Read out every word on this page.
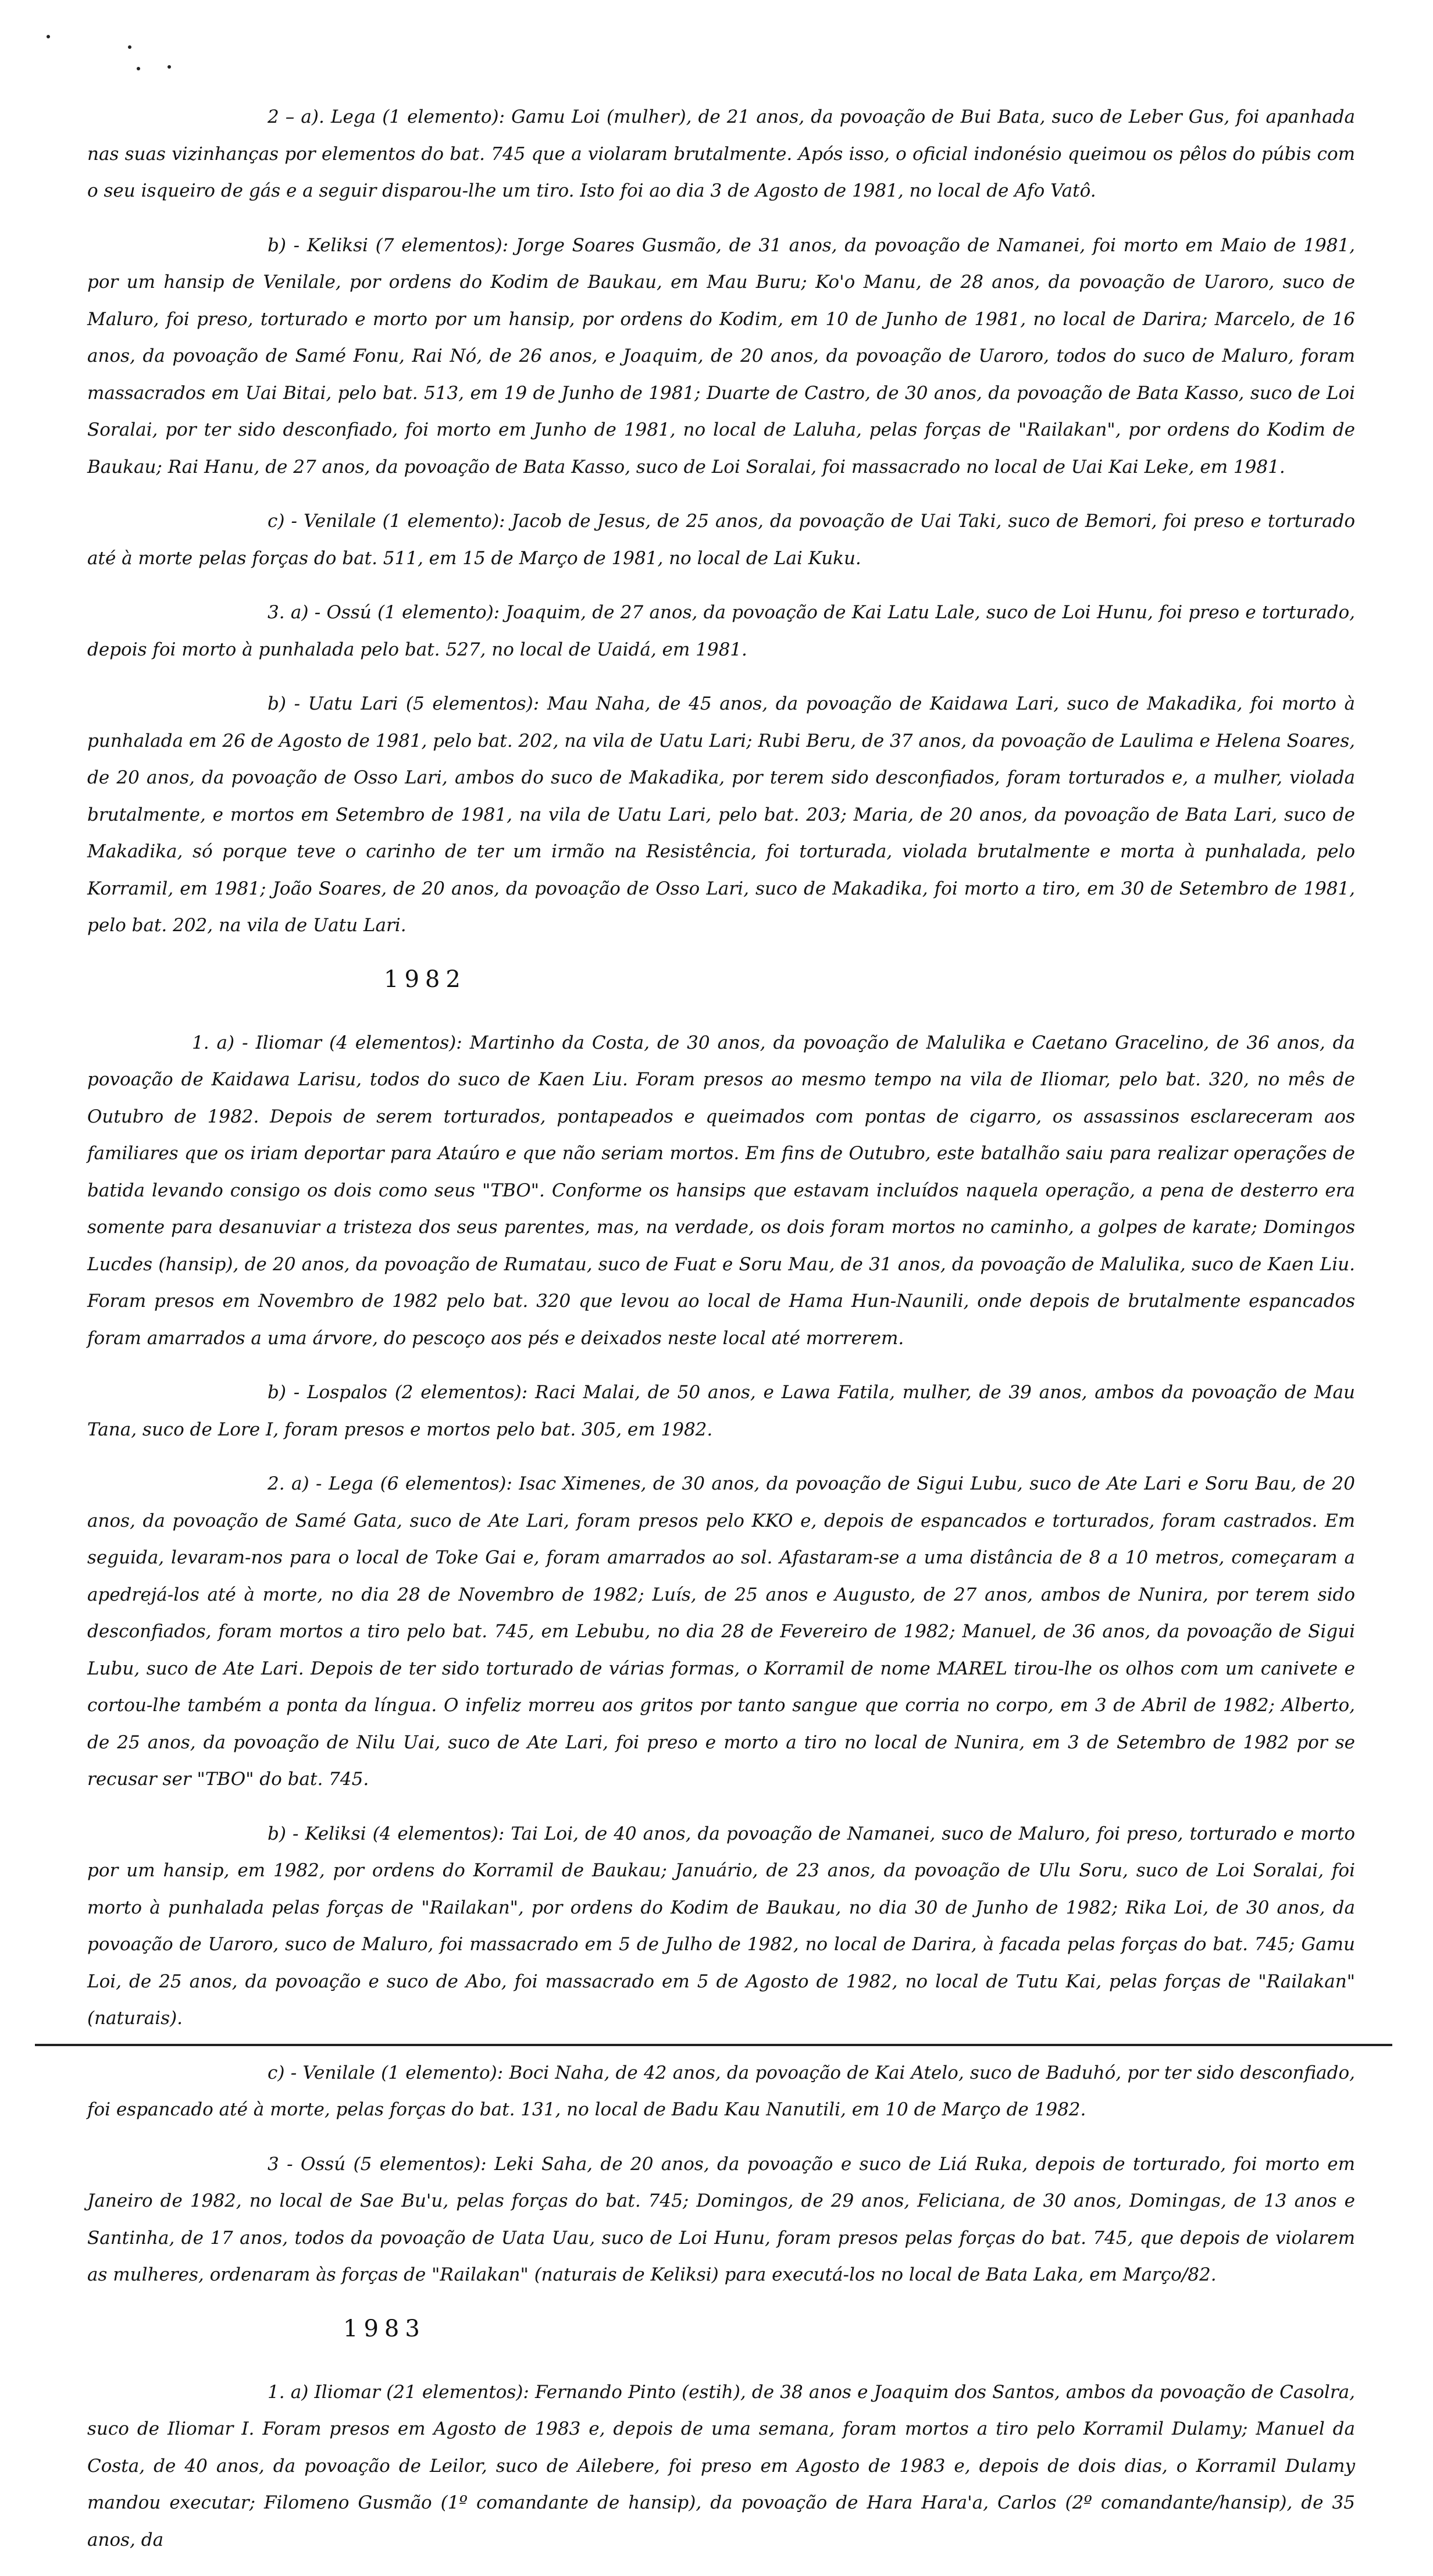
2 – a). Lega (1 elemento): Gamu Loi (mulher), de 21 anos, da povoação de Bui Bata, suco de Leber Gus, foi apanhada nas suas vizinhanças por elementos do bat. 745 que a violaram brutalmente. Após isso, o oficial indonésio queimou os pêlos do púbis com o seu isqueiro de gás e a seguir disparou-lhe um tiro. Isto foi ao dia 3 de Agosto de 1981, no local de Afo Vatô.

b) - Keliksi (7 elementos): Jorge Soares Gusmão, de 31 anos, da povoação de Namanei, foi morto em Maio de 1981, por um hansip de Venilale, por ordens do Kodim de Baukau, em Mau Buru; Ko'o Manu, de 28 anos, da povoação de Uaroro, suco de Maluro, foi preso, torturado e morto por um hansip, por ordens do Kodim, em 10 de Junho de 1981, no local de Darira; Marcelo, de 16 anos, da povoação de Samé Fonu, Rai Nó, de 26 anos, e Joaquim, de 20 anos, da povoação de Uaroro, todos do suco de Maluro, foram massacrados em Uai Bitai, pelo bat. 513, em 19 de Junho de 1981; Duarte de Castro, de 30 anos, da povoação de Bata Kasso, suco de Loi Soralai, por ter sido desconfiado, foi morto em Junho de 1981, no local de Laluha, pelas forças de "Railakan", por ordens do Kodim de Baukau; Rai Hanu, de 27 anos, da povoação de Bata Kasso, suco de Loi Soralai, foi massacrado no local de Uai Kai Leke, em 1981.

c) - Venilale (1 elemento): Jacob de Jesus, de 25 anos, da povoação de Uai Taki, suco de Bemori, foi preso e torturado até à morte pelas forças do bat. 511, em 15 de Março de 1981, no local de Lai Kuku.

3. a) - Ossú (1 elemento): Joaquim, de 27 anos, da povoação de Kai Latu Lale, suco de Loi Hunu, foi preso e torturado, depois foi morto à punhalada pelo bat. 527, no local de Uaidá, em 1981.

b) - Uatu Lari (5 elementos): Mau Naha, de 45 anos, da povoação de Kaidawa Lari, suco de Makadika, foi morto à punhalada em 26 de Agosto de 1981, pelo bat. 202, na vila de Uatu Lari; Rubi Beru, de 37 anos, da povoação de Laulima e Helena Soares, de 20 anos, da povoação de Osso Lari, ambos do suco de Makadika, por terem sido desconfiados, foram torturados e, a mulher, violada brutalmente, e mortos em Setembro de 1981, na vila de Uatu Lari, pelo bat. 203; Maria, de 20 anos, da povoação de Bata Lari, suco de Makadika, só porque teve o carinho de ter um irmão na Resistência, foi torturada, violada brutalmente e morta à punhalada, pelo Korramil, em 1981; João Soares, de 20 anos, da povoação de Osso Lari, suco de Makadika, foi morto a tiro, em 30 de Setembro de 1981, pelo bat. 202, na vila de Uatu Lari.

1982

1. a) - Iliomar (4 elementos): Martinho da Costa, de 30 anos, da povoação de Malulika e Caetano Gracelino, de 36 anos, da povoação de Kaidawa Larisu, todos do suco de Kaen Liu. Foram presos ao mesmo tempo na vila de Iliomar, pelo bat. 320, no mês de Outubro de 1982. Depois de serem torturados, pontapeados e queimados com pontas de cigarro, os assassinos esclareceram aos familiares que os iriam deportar para Ataúro e que não seriam mortos. Em fins de Outubro, este batalhão saiu para realizar operações de batida levando consigo os dois como seus "TBO". Conforme os hansips que estavam incluídos naquela operação, a pena de desterro era somente para desanuviar a tristeza dos seus parentes, mas, na verdade, os dois foram mortos no caminho, a golpes de karate; Domingos Lucdes (hansip), de 20 anos, da povoação de Rumatau, suco de Fuat e Soru Mau, de 31 anos, da povoação de Malulika, suco de Kaen Liu. Foram presos em Novembro de 1982 pelo bat. 320 que levou ao local de Hama Hun-Naunili, onde depois de brutalmente espancados foram amarrados a uma árvore, do pescoço aos pés e deixados neste local até morrerem.

b) - Lospalos (2 elementos): Raci Malai, de 50 anos, e Lawa Fatila, mulher, de 39 anos, ambos da povoação de Mau Tana, suco de Lore I, foram presos e mortos pelo bat. 305, em 1982.

2. a) - Lega (6 elementos): Isac Ximenes, de 30 anos, da povoação de Sigui Lubu, suco de Ate Lari e Soru Bau, de 20 anos, da povoação de Samé Gata, suco de Ate Lari, foram presos pelo KKO e, depois de espancados e torturados, foram castrados. Em seguida, levaram-nos para o local de Toke Gai e, foram amarrados ao sol. Afastaram-se a uma distância de 8 a 10 metros, começaram a apedrejá-los até à morte, no dia 28 de Novembro de 1982; Luís, de 25 anos e Augusto, de 27 anos, ambos de Nunira, por terem sido desconfiados, foram mortos a tiro pelo bat. 745, em Lebubu, no dia 28 de Fevereiro de 1982; Manuel, de 36 anos, da povoação de Sigui Lubu, suco de Ate Lari. Depois de ter sido torturado de várias formas, o Korramil de nome MAREL tirou-lhe os olhos com um canivete e cortou-lhe também a ponta da língua. O infeliz morreu aos gritos por tanto sangue que corria no corpo, em 3 de Abril de 1982; Alberto, de 25 anos, da povoação de Nilu Uai, suco de Ate Lari, foi preso e morto a tiro no local de Nunira, em 3 de Setembro de 1982 por se recusar ser "TBO" do bat. 745.

b) - Keliksi (4 elementos): Tai Loi, de 40 anos, da povoação de Namanei, suco de Maluro, foi preso, torturado e morto por um hansip, em 1982, por ordens do Korramil de Baukau; Januário, de 23 anos, da povoação de Ulu Soru, suco de Loi Soralai, foi morto à punhalada pelas forças de "Railakan", por ordens do Kodim de Baukau, no dia 30 de Junho de 1982; Rika Loi, de 30 anos, da povoação de Uaroro, suco de Maluro, foi massacrado em 5 de Julho de 1982, no local de Darira, à facada pelas forças do bat. 745; Gamu Loi, de 25 anos, da povoação e suco de Abo, foi massacrado em 5 de Agosto de 1982, no local de Tutu Kai, pelas forças de "Railakan" (naturais).

c) - Venilale (1 elemento): Boci Naha, de 42 anos, da povoação de Kai Atelo, suco de Baduhó, por ter sido desconfiado, foi espancado até à morte, pelas forças do bat. 131, no local de Badu Kau Nanutili, em 10 de Março de 1982.

3 - Ossú (5 elementos): Leki Saha, de 20 anos, da povoação e suco de Liá Ruka, depois de torturado, foi morto em Janeiro de 1982, no local de Sae Bu'u, pelas forças do bat. 745; Domingos, de 29 anos, Feliciana, de 30 anos, Domingas, de 13 anos e Santinha, de 17 anos, todos da povoação de Uata Uau, suco de Loi Hunu, foram presos pelas forças do bat. 745, que depois de violarem as mulheres, ordenaram às forças de "Railakan" (naturais de Keliksi) para executá-los no local de Bata Laka, em Março/82.

1983

1. a) Iliomar (21 elementos): Fernando Pinto (estih), de 38 anos e Joaquim dos Santos, ambos da povoação de Casolra, suco de Iliomar I. Foram presos em Agosto de 1983 e, depois de uma semana, foram mortos a tiro pelo Korramil Dulamy; Manuel da Costa, de 40 anos, da povoação de Leilor, suco de Ailebere, foi preso em Agosto de 1983 e, depois de dois dias, o Korramil Dulamy mandou executar; Filomeno Gusmão (1º comandante de hansip), da povoação de Hara Hara'a, Carlos (2º comandante/hansip), de 35 anos, da
